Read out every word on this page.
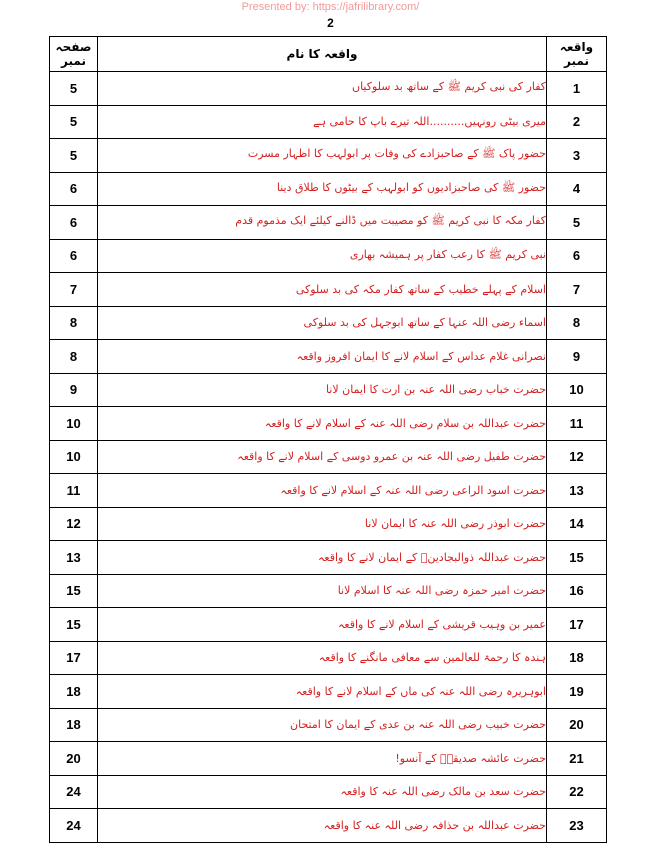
Presented by: https://jafrilibrary.com/
2
صفحہ نمبر	واقعہ کا نام	واقعہ نمبر
5	کفار کی نبی کریم ﷺ کے ساتھ بد سلوکیاں	1
5	میری بیٹی رونہیں..........اللہ تیرے باپ کا حامی ہے	2
5	حضور پاک ﷺ کے صاحبزادے کی وفات پر ابولہب کا اظہار مسرت	3
6	حضور ﷺ کی صاحبزادیوں کو ابولہب کے بیٹوں کا طلاق دینا	4
6	کفار مکہ کا نبی کریم ﷺ کو مصیبت میں ڈالنے کیلئے ایک مذموم قدم	5
6	نبی کریم ﷺ کا رعب کفار پر ہمیشہ بھاری	6
7	اسلام کے پہلے خطیب کے ساتھ کفار مکہ کی بد سلوکی	7
8	اسماء رضی اللہ عنہا کے ساتھ ابوجہل کی بد سلوکی	8
8	نصرانی غلام عداس کے اسلام لانے کا ایمان افروز واقعہ	9
9	حضرت خباب رضی اللہ عنہ بن ارت کا ایمان لانا	10
10	حضرت عبداللہ بن سلام رضی اللہ عنہ کے اسلام لانے کا واقعہ	11
10	حضرت طفیل رضی اللہ عنہ بن عمرو دوسی کے اسلام لانے کا واقعہ	12
11	حضرت اسود الراعی رضی اللہ عنہ کے اسلام لانے کا واقعہ	13
12	حضرت ابوذر رضی اللہ عنہ کا ایمان لانا	14
13	حضرت عبداللہ ذوالبجادینؓ کے ایمان لانے کا واقعہ	15
15	حضرت امیر حمزہ رضی اللہ عنہ کا اسلام لانا	16
15	عمیر بن وہیب قریشی کے اسلام لانے کا واقعہ	17
17	ہندہ کا رحمۃ للعالمین سے معافی مانگنے کا واقعہ	18
18	ابوہریرہ رضی اللہ عنہ کی ماں کے اسلام لانے کا واقعہ	19
18	حضرت خبیب رضی اللہ عنہ بن عدی کے ایمان کا امتحان	20
20	حضرت عائشہ صدیقہؓ کے آنسو!	21
24	حضرت سعد بن مالک رضی اللہ عنہ کا واقعہ	22
24	حضرت عبداللہ بن حذافہ رضی اللہ عنہ کا واقعہ	23
